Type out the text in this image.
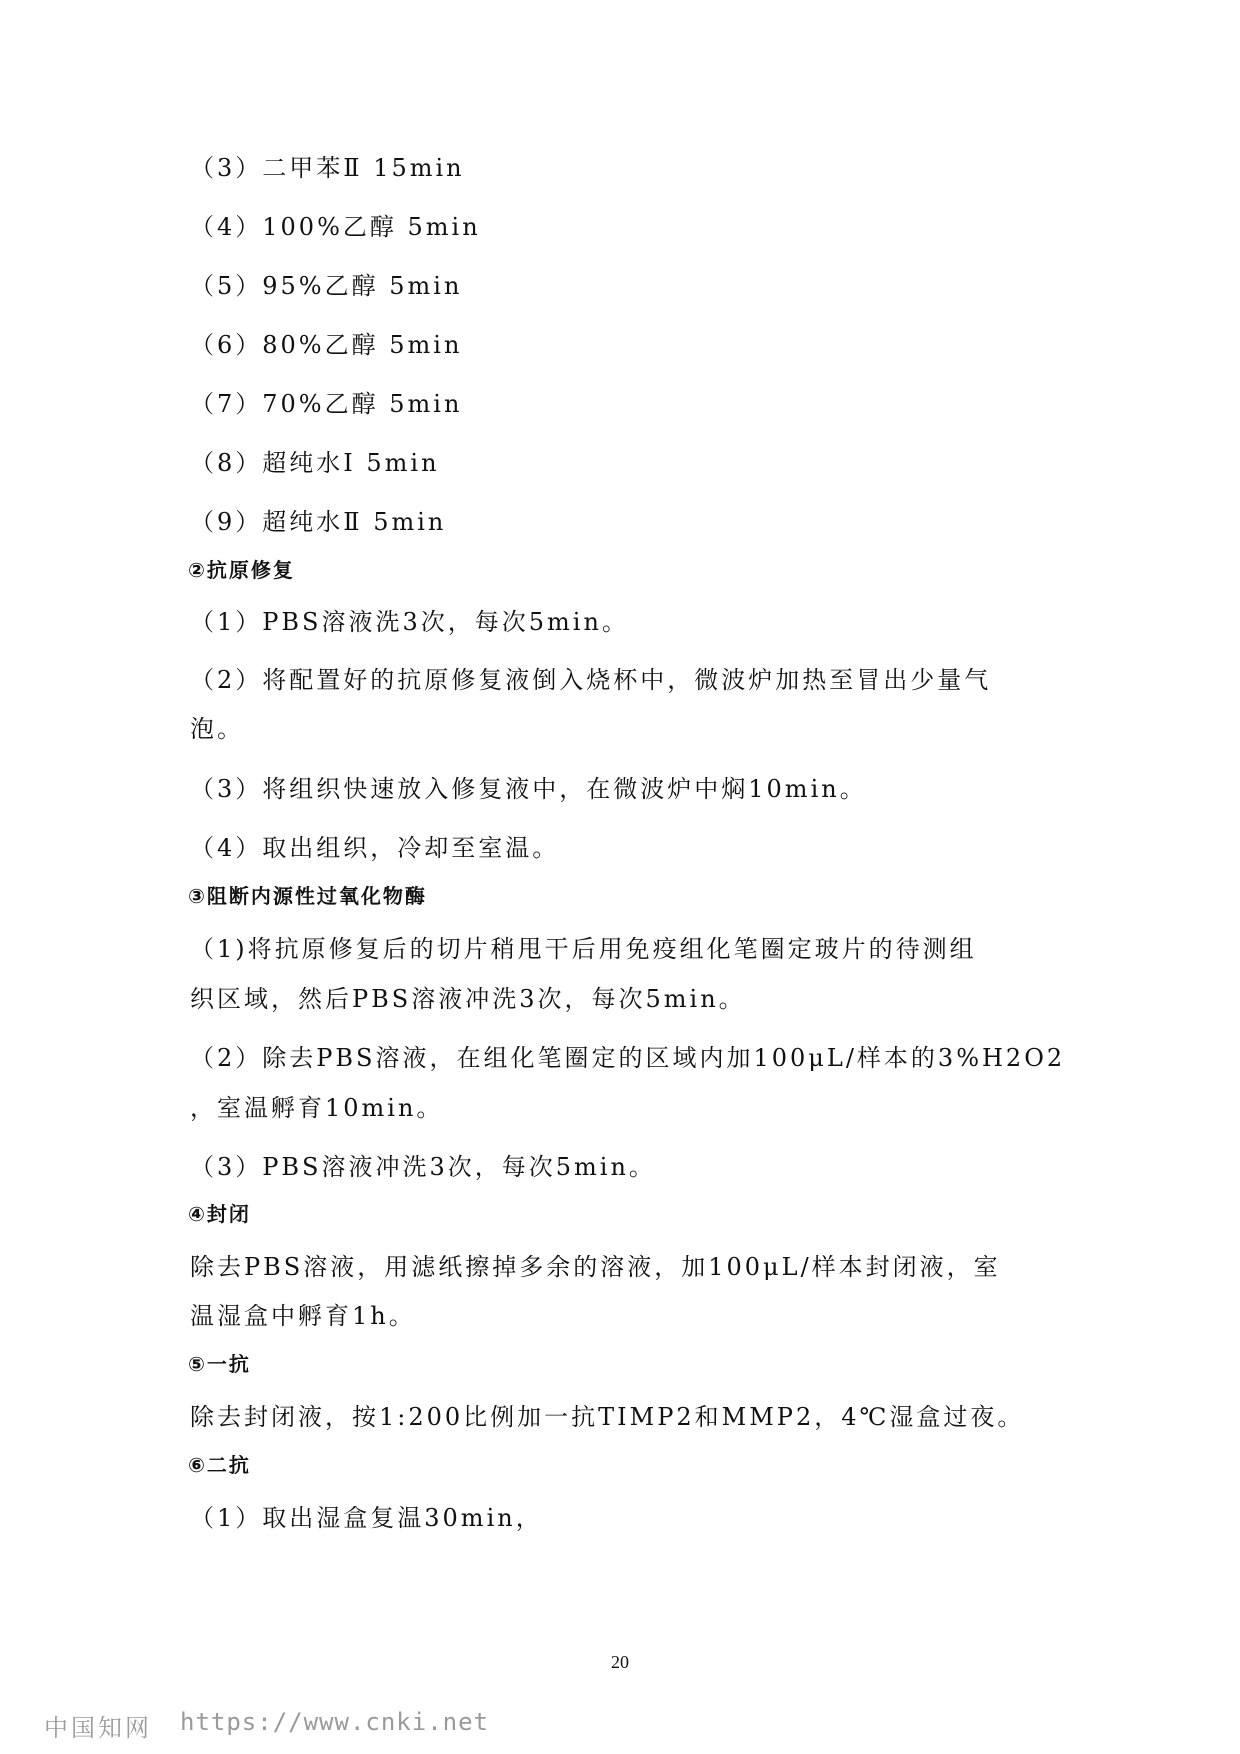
（3）二甲苯Ⅱ 15min

（4）100%乙醇 5min

（5）95%乙醇 5min

（6）80%乙醇 5min

（7）70%乙醇 5min

（8）超纯水Ⅰ 5min

（9）超纯水Ⅱ 5min

②抗原修复

（1）PBS溶液洗3次，每次5min。

（2）将配置好的抗原修复液倒入烧杯中，微波炉加热至冒出少量气

泡。

（3）将组织快速放入修复液中，在微波炉中焖10min。

（4）取出组织，冷却至室温。

③阻断内源性过氧化物酶

（1)将抗原修复后的切片稍甩干后用免疫组化笔圈定玻片的待测组

织区域，然后PBS溶液冲洗3次，每次5min。

（2）除去PBS溶液，在组化笔圈定的区域内加100μL/样本的3%H2O2

，室温孵育10min。

（3）PBS溶液冲洗3次，每次5min。

④封闭

除去PBS溶液，用滤纸擦掉多余的溶液，加100μL/样本封闭液，室

温湿盒中孵育1h。

⑤一抗

除去封闭液，按1:200比例加一抗TIMP2和MMP2，4℃湿盒过夜。

⑥二抗

（1）取出湿盒复温30min，

20
中国知网 https://www.cnki.net
